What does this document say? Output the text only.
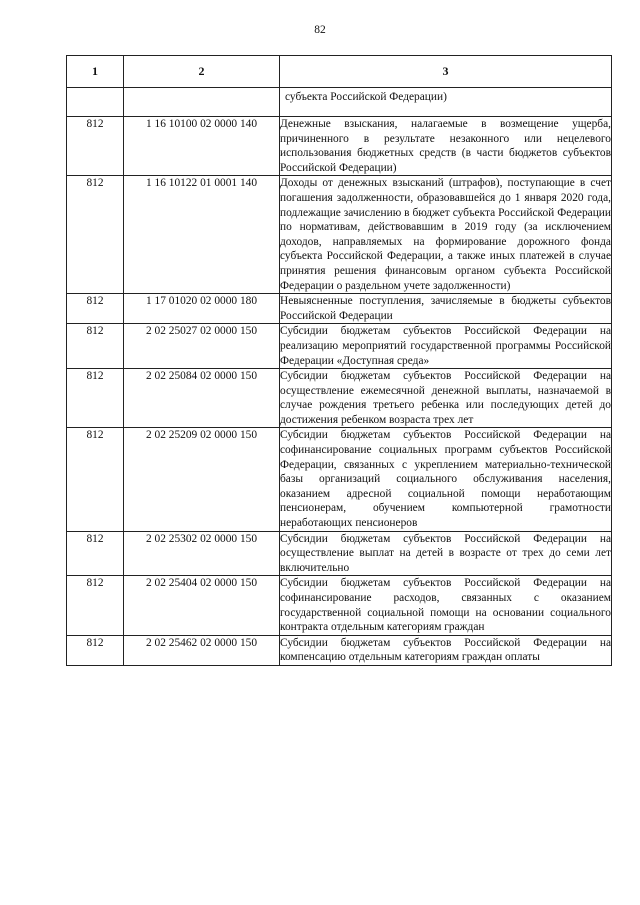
82
1	2	3
		субъекта Российской Федерации)
812	1 16 10100 02 0000 140	Денежные взыскания, налагаемые в возмещение ущерба, причиненного в результате незаконного или нецелевого использования бюджетных средств (в части бюджетов субъектов Российской Федерации)
812	1 16 10122 01 0001 140	Доходы от денежных взысканий (штрафов), поступающие в счет погашения задолженности, образовавшейся до 1 января 2020 года, подлежащие зачислению в бюджет субъекта Российской Федерации по нормативам, действовавшим в 2019 году (за исключением доходов, направляемых на формирование дорожного фонда субъекта Российской Федерации, а также иных платежей в случае принятия решения финансовым органом субъекта Российской Федерации о раздельном учете задолженности)
812	1 17 01020 02 0000 180	Невыясненные поступления, зачисляемые в бюджеты субъектов Российской Федерации
812	2 02 25027 02 0000 150	Субсидии бюджетам субъектов Российской Федерации на реализацию мероприятий государственной программы Российской Федерации «Доступная среда»
812	2 02 25084 02 0000 150	Субсидии бюджетам субъектов Российской Федерации на осуществление ежемесячной денежной выплаты, назначаемой в случае рождения третьего ребенка или последующих детей до достижения ребенком возраста трех лет
812	2 02 25209 02 0000 150	Субсидии бюджетам субъектов Российской Федерации на софинансирование социальных программ субъектов Российской Федерации, связанных с укреплением материально-технической базы организаций социального обслуживания населения, оказанием адресной социальной помощи неработающим пенсионерам, обучением компьютерной грамотности неработающих пенсионеров
812	2 02 25302 02 0000 150	Субсидии бюджетам субъектов Российской Федерации на осуществление выплат на детей в возрасте от трех до семи лет включительно
812	2 02 25404 02 0000 150	Субсидии бюджетам субъектов Российской Федерации на софинансирование расходов, связанных с оказанием государственной социальной помощи на основании социального контракта отдельным категориям граждан
812	2 02 25462 02 0000 150	Субсидии бюджетам субъектов Российской Федерации на компенсацию отдельным категориям граждан оплаты
